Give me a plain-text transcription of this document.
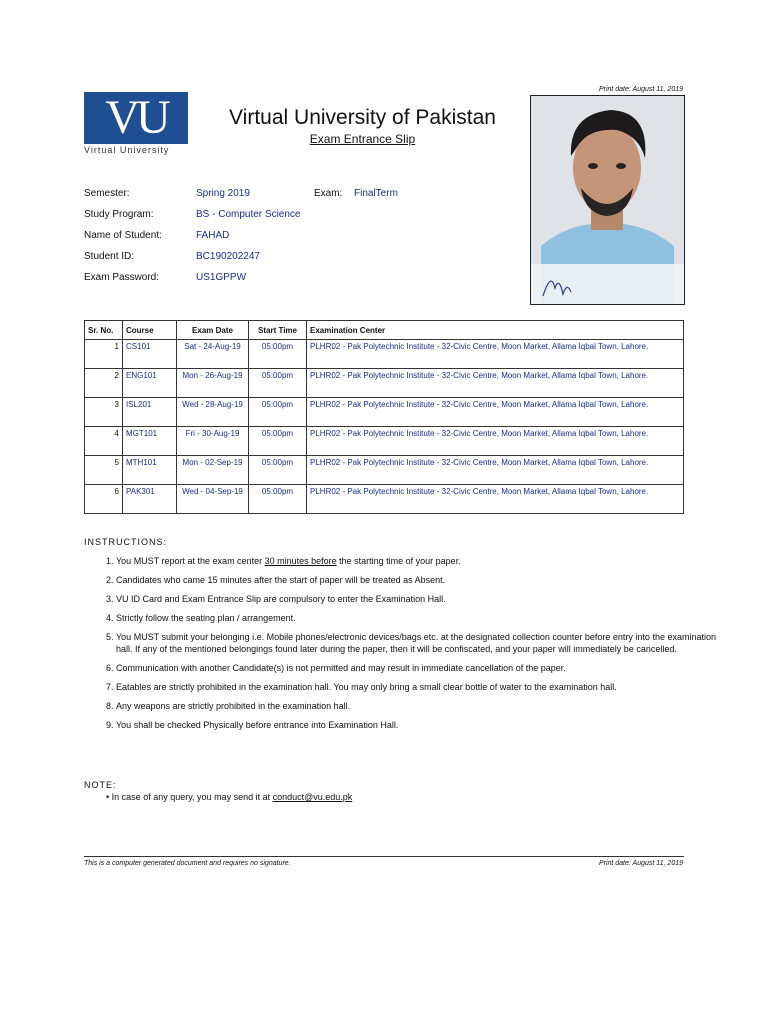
Print date: August 11, 2019
VU
Virtual University
Virtual University of Pakistan
Exam Entrance Slip
Semester:	Spring 2019	Exam: FinalTerm
Study Program:	BS - Computer Science
Name of Student:	FAHAD
Student ID:	BC190202247
Exam Password:	US1GPPW
Sr. No.	Course	Exam Date	Start Time	Examination Center
1	CS101	Sat - 24-Aug-19	05:00pm	PLHR02 - Pak Polytechnic Institute - 32-Civic Centre, Moon Market, Allama Iqbal Town, Lahore.
2	ENG101	Mon - 26-Aug-19	05:00pm	PLHR02 - Pak Polytechnic Institute - 32-Civic Centre, Moon Market, Allama Iqbal Town, Lahore.
3	ISL201	Wed - 28-Aug-19	05:00pm	PLHR02 - Pak Polytechnic Institute - 32-Civic Centre, Moon Market, Allama Iqbal Town, Lahore.
4	MGT101	Fri - 30-Aug-19	05:00pm	PLHR02 - Pak Polytechnic Institute - 32-Civic Centre, Moon Market, Allama Iqbal Town, Lahore.
5	MTH101	Mon - 02-Sep-19	05:00pm	PLHR02 - Pak Polytechnic Institute - 32-Civic Centre, Moon Market, Allama Iqbal Town, Lahore.
6	PAK301	Wed - 04-Sep-19	05:00pm	PLHR02 - Pak Polytechnic Institute - 32-Civic Centre, Moon Market, Allama Iqbal Town, Lahore.
INSTRUCTIONS:
1. You MUST report at the exam center 30 minutes before the starting time of your paper.
2. Candidates who came 15 minutes after the start of paper will be treated as Absent.
3. VU ID Card and Exam Entrance Slip are compulsory to enter the Examination Hall.
4. Strictly follow the seating plan / arrangement.
5. You MUST submit your belonging i.e. Mobile phones/electronic devices/bags etc. at the designated collection counter before entry into the examination hall. If any of the mentioned belongings found later during the paper, then it will be confiscated, and your paper will immediately be cancelled.
6. Communication with another Candidate(s) is not permitted and may result in immediate cancellation of the paper.
7. Eatables are strictly prohibited in the examination hall. You may only bring a small clear bottle of water to the examination hall.
8. Any weapons are strictly prohibited in the examination hall.
9. You shall be checked Physically before entrance into Examination Hall.
NOTE:
• In case of any query, you may send it at conduct@vu.edu.pk
This is a computer generated document and requires no signature.	Print date: August 11, 2019
